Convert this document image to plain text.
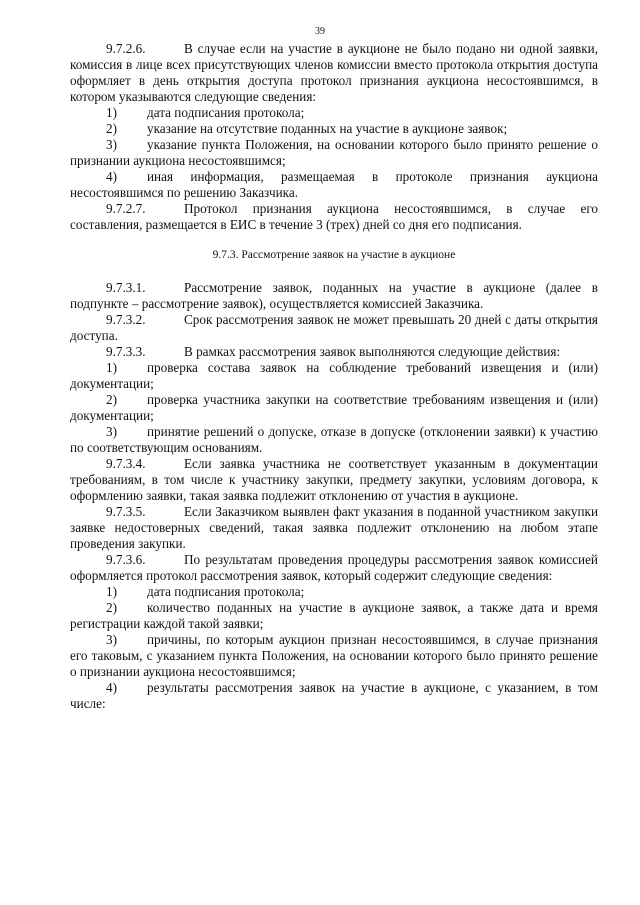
39

9.7.2.6.	В случае если на участие в аукционе не было подано ни одной заявки, комиссия в лице всех присутствующих членов комиссии вместо протокола открытия доступа оформляет в день открытия доступа протокол признания аукциона несостоявшимся, в котором указываются следующие сведения:

1) дата подписания протокола;

2) указание на отсутствие поданных на участие в аукционе заявок;

3) указание пункта Положения, на основании которого было принято решение о признании аукциона несостоявшимся;

4) иная информация, размещаемая в протоколе признания аукциона несостоявшимся по решению Заказчика.

9.7.2.7.	Протокол признания аукциона несостоявшимся, в случае его составления, размещается в ЕИС в течение 3 (трех) дней со дня его подписания.

9.7.3. Рассмотрение заявок на участие в аукционе

9.7.3.1.	Рассмотрение заявок, поданных на участие в аукционе (далее в подпункте – рассмотрение заявок), осуществляется комиссией Заказчика.

9.7.3.2.	Срок рассмотрения заявок не может превышать 20 дней с даты открытия доступа.

9.7.3.3.	В рамках рассмотрения заявок выполняются следующие действия:

1) проверка состава заявок на соблюдение требований извещения и (или) документации;

2) проверка участника закупки на соответствие требованиям извещения и (или) документации;

3) принятие решений о допуске, отказе в допуске (отклонении заявки) к участию по соответствующим основаниям.

9.7.3.4.	Если заявка участника не соответствует указанным в документации требованиям, в том числе к участнику закупки, предмету закупки, условиям договора, к оформлению заявки, такая заявка подлежит отклонению от участия в аукционе.

9.7.3.5.	Если Заказчиком выявлен факт указания в поданной участником закупки заявке недостоверных сведений, такая заявка подлежит отклонению на любом этапе проведения закупки.

9.7.3.6.	По результатам проведения процедуры рассмотрения заявок комиссией оформляется протокол рассмотрения заявок, который содержит следующие сведения:

1) дата подписания протокола;

2) количество поданных на участие в аукционе заявок, а также дата и время регистрации каждой такой заявки;

3) причины, по которым аукцион признан несостоявшимся, в случае признания его таковым, с указанием пункта Положения, на основании которого было принято решение о признании аукциона несостоявшимся;

4) результаты рассмотрения заявок на участие в аукционе, с указанием, в том числе:
